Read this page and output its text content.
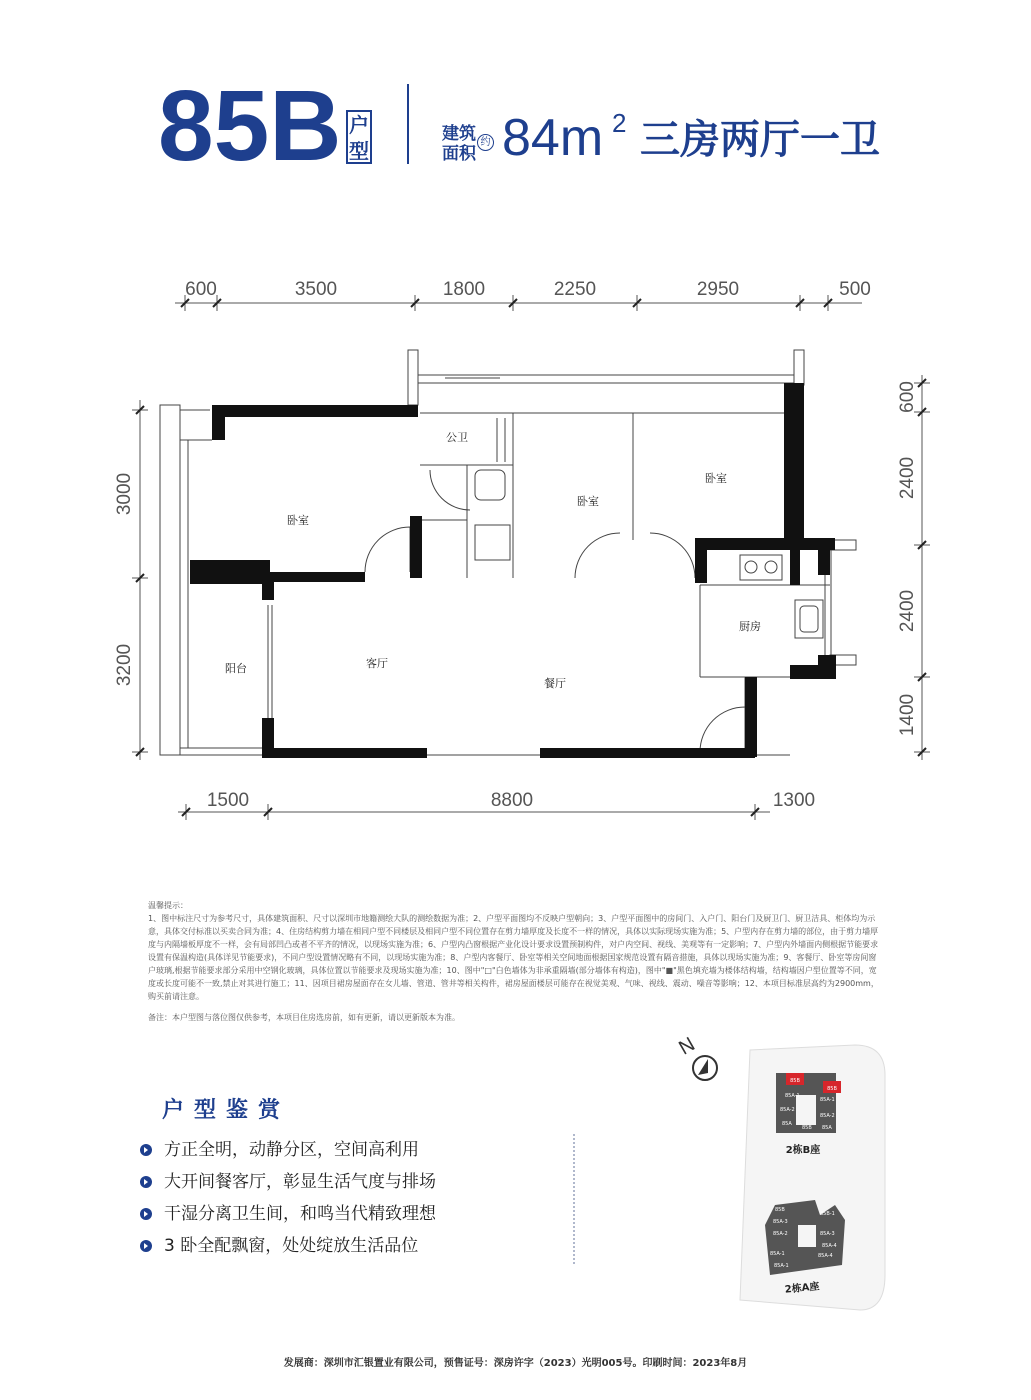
85B 户型
建筑
面积
约 84m 2 三房两厅一卫
600	3500	1800	2250	2950	500
3000
3200
600
2400
2400
1400
1500	8800	1300
公卫
卧室
卧室
卧室
厨房
阳台	客厅
餐厅
温馨提示：
1、图中标注尺寸为参考尺寸，具体建筑面积、尺寸以深圳市地籍测绘大队的测绘数据为准；2、户型平面图均不反映户型朝向；3、户型平面图中的房间门、入户门、阳台门及厨卫门、厨卫洁具、柜体均为示意，具体交付标准以买卖合同为准；4、住房结构剪力墙在相同户型不同楼层及相同户型不同位置存在剪力墙厚度及长度不一样的情况，具体以实际现场实施为准；5、户型内存在剪力墙的部位，由于剪力墙厚度与内隔墙板厚度不一样，会有局部凹凸或者不平齐的情况，以现场实施为准；6、户型内凸窗根据产业化设计要求设置预制构件，对户内空间、视线、美观等有一定影响；7、户型内外墙面内侧根据节能要求设置有保温构造(具体详见节能要求)，不同户型设置情况略有不同，以现场实施为准；8、户型内客餐厅、卧室等相关空间地面根据国家规范设置有隔音措施，具体以现场实施为准；9、客餐厅、卧室等房间窗户玻璃,根据节能要求部分采用中空钢化玻璃，具体位置以节能要求及现场实施为准；10、图中"□"白色墙体为非承重隔墙(部分墙体有构造)，图中"■"黑色填充墙为楼体结构墙，结构墙因户型位置等不同，宽度或长度可能不一致,禁止对其进行施工；11、因项目裙房屋面存在女儿墙、管道、管井等相关构件，裙房屋面楼层可能存在视觉美观、气味、视线、震动、噪音等影响；12、本项目标准层高约为2900mm，购买前请注意。
备注：本户型图与落位图仅供参考，本项目住房选房前，如有更新，请以更新版本为准。
户型鉴赏
方正全明，动静分区，空间高利用
大开间餐客厅，彰显生活气度与排场
干湿分离卫生间，和鸣当代精致理想
3 卧全配飘窗，处处绽放生活品位
N
85B
85B
85A-1
85A-1
85A-2
85A-2
85A
85B 85A
2栋B座
85B
85B-1
85A-3
85A-2	85A-3
85A-4
85A-1	85A-4
85A-1
2栋A座
发展商：深圳市汇银置业有限公司，预售证号：深房许字（2023）光明005号。印刷时间：2023年8月
